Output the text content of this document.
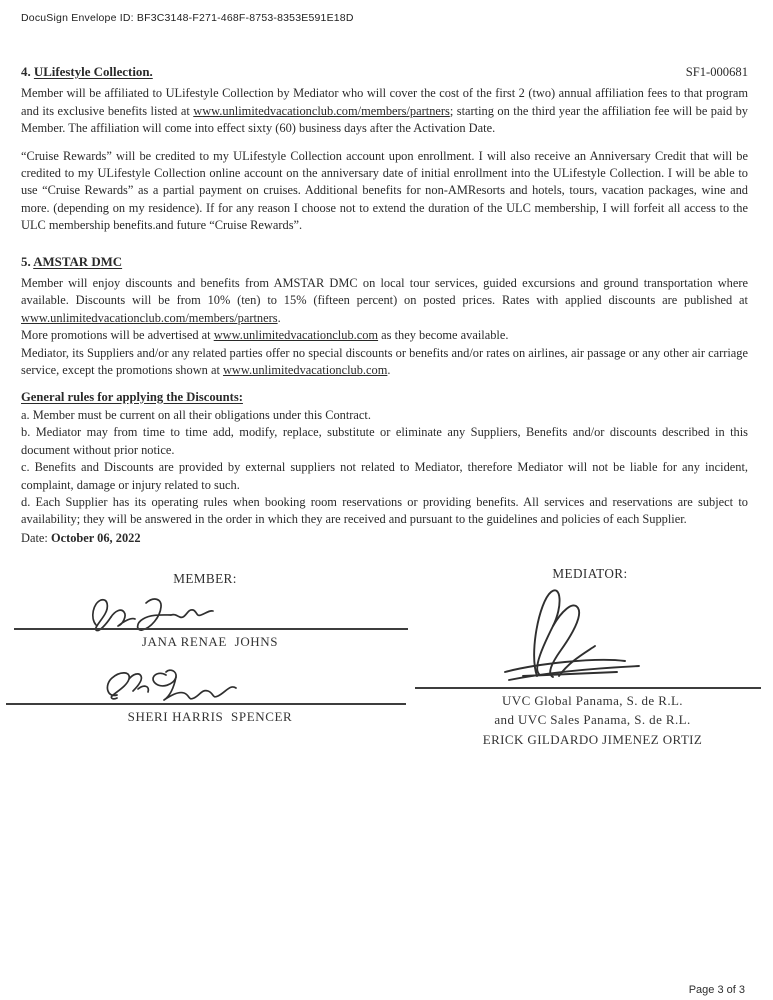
DocuSign Envelope ID: BF3C3148-F271-468F-8753-8353E591E18D
4. ULifestyle Collection.	SF1-000681

Member will be affiliated to ULifestyle Collection by Mediator who will cover the cost of the first 2 (two) annual affiliation fees to that program and its exclusive benefits listed at www.unlimitedvacationclub.com/members/partners; starting on the third year the affiliation fee will be paid by Member. The affiliation will come into effect sixty (60) business days after the Activation Date.

“Cruise Rewards” will be credited to my ULifestyle Collection account upon enrollment. I will also receive an Anniversary Credit that will be credited to my ULifestyle Collection online account on the anniversary date of initial enrollment into the ULifestyle Collection. I will be able to use “Cruise Rewards” as a partial payment on cruises. Additional benefits for non-AMResorts and hotels, tours, vacation packages, wine and more. (depending on my residence). If for any reason I choose not to extend the duration of the ULC membership, I will forfeit all access to the ULC membership benefits.and future “Cruise Rewards”.

5. AMSTAR DMC

Member will enjoy discounts and benefits from AMSTAR DMC on local tour services, guided excursions and ground transportation where available. Discounts will be from 10% (ten) to 15% (fifteen percent) on posted prices. Rates with applied discounts are published at www.unlimitedvacationclub.com/members/partners.

More promotions will be advertised at www.unlimitedvacationclub.com as they become available.

Mediator, its Suppliers and/or any related parties offer no special discounts or benefits and/or rates on airlines, air passage or any other air carriage service, except the promotions shown at www.unlimitedvacationclub.com.

General rules for applying the Discounts:

a. Member must be current on all their obligations under this Contract.

b. Mediator may from time to time add, modify, replace, substitute or eliminate any Suppliers, Benefits and/or discounts described in this document without prior notice.

c. Benefits and Discounts are provided by external suppliers not related to Mediator, therefore Mediator will not be liable for any incident, complaint, damage or injury related to such.

d. Each Supplier has its operating rules when booking room reservations or providing benefits. All services and reservations are subject to availability; they will be answered in the order in which they are received and pursuant to the guidelines and policies of each Supplier.

Date: October 06, 2022

MEMBER:
JANA RENAE  JOHNS
SHERI HARRIS  SPENCER
MEDIATOR:
UVC Global Panama, S. de R.L.
and UVC Sales Panama, S. de R.L.
ERICK GILDARDO JIMENEZ ORTIZ
Page 3 of 3
